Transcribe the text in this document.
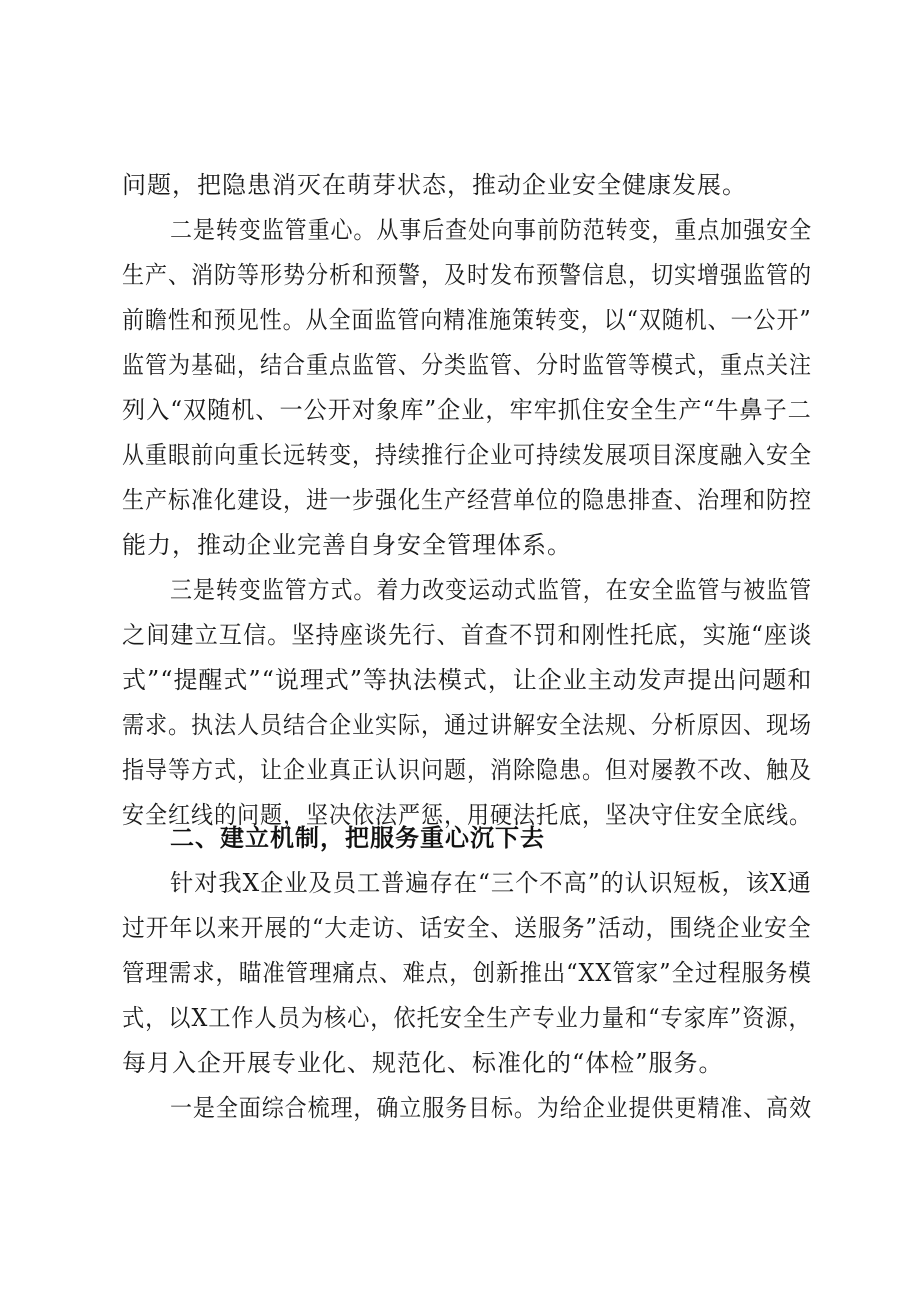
问题，把隐患消灭在萌芽状态，推动企业安全健康发展。
二是转变监管重心。从事后查处向事前防范转变，重点加强安全
生产、消防等形势分析和预警，及时发布预警信息，切实增强监管的
前瞻性和预见性。从全面监管向精准施策转变，以“双随机、一公开”
监管为基础，结合重点监管、分类监管、分时监管等模式，重点关注
列入“双随机、一公开对象库”企业，牢牢抓住安全生产“牛鼻子二
从重眼前向重长远转变，持续推行企业可持续发展项目深度融入安全
生产标准化建设，进一步强化生产经营单位的隐患排查、治理和防控
能力，推动企业完善自身安全管理体系。
三是转变监管方式。着力改变运动式监管，在安全监管与被监管
之间建立互信。坚持座谈先行、首查不罚和刚性托底，实施“座谈
式”“提醒式”“说理式”等执法模式，让企业主动发声提出问题和
需求。执法人员结合企业实际，通过讲解安全法规、分析原因、现场
指导等方式，让企业真正认识问题，消除隐患。但对屡教不改、触及
安全红线的问题，坚决依法严惩，用硬法托底，坚决守住安全底线。
二、建立机制，把服务重心沉下去
针对我X企业及员工普遍存在“三个不高”的认识短板，该X通
过开年以来开展的“大走访、话安全、送服务”活动，围绕企业安全
管理需求，瞄准管理痛点、难点，创新推出“XX管家”全过程服务模
式，以X工作人员为核心，依托安全生产专业力量和“专家库”资源，
每月入企开展专业化、规范化、标准化的“体检”服务。
一是全面综合梳理，确立服务目标。为给企业提供更精准、高效
